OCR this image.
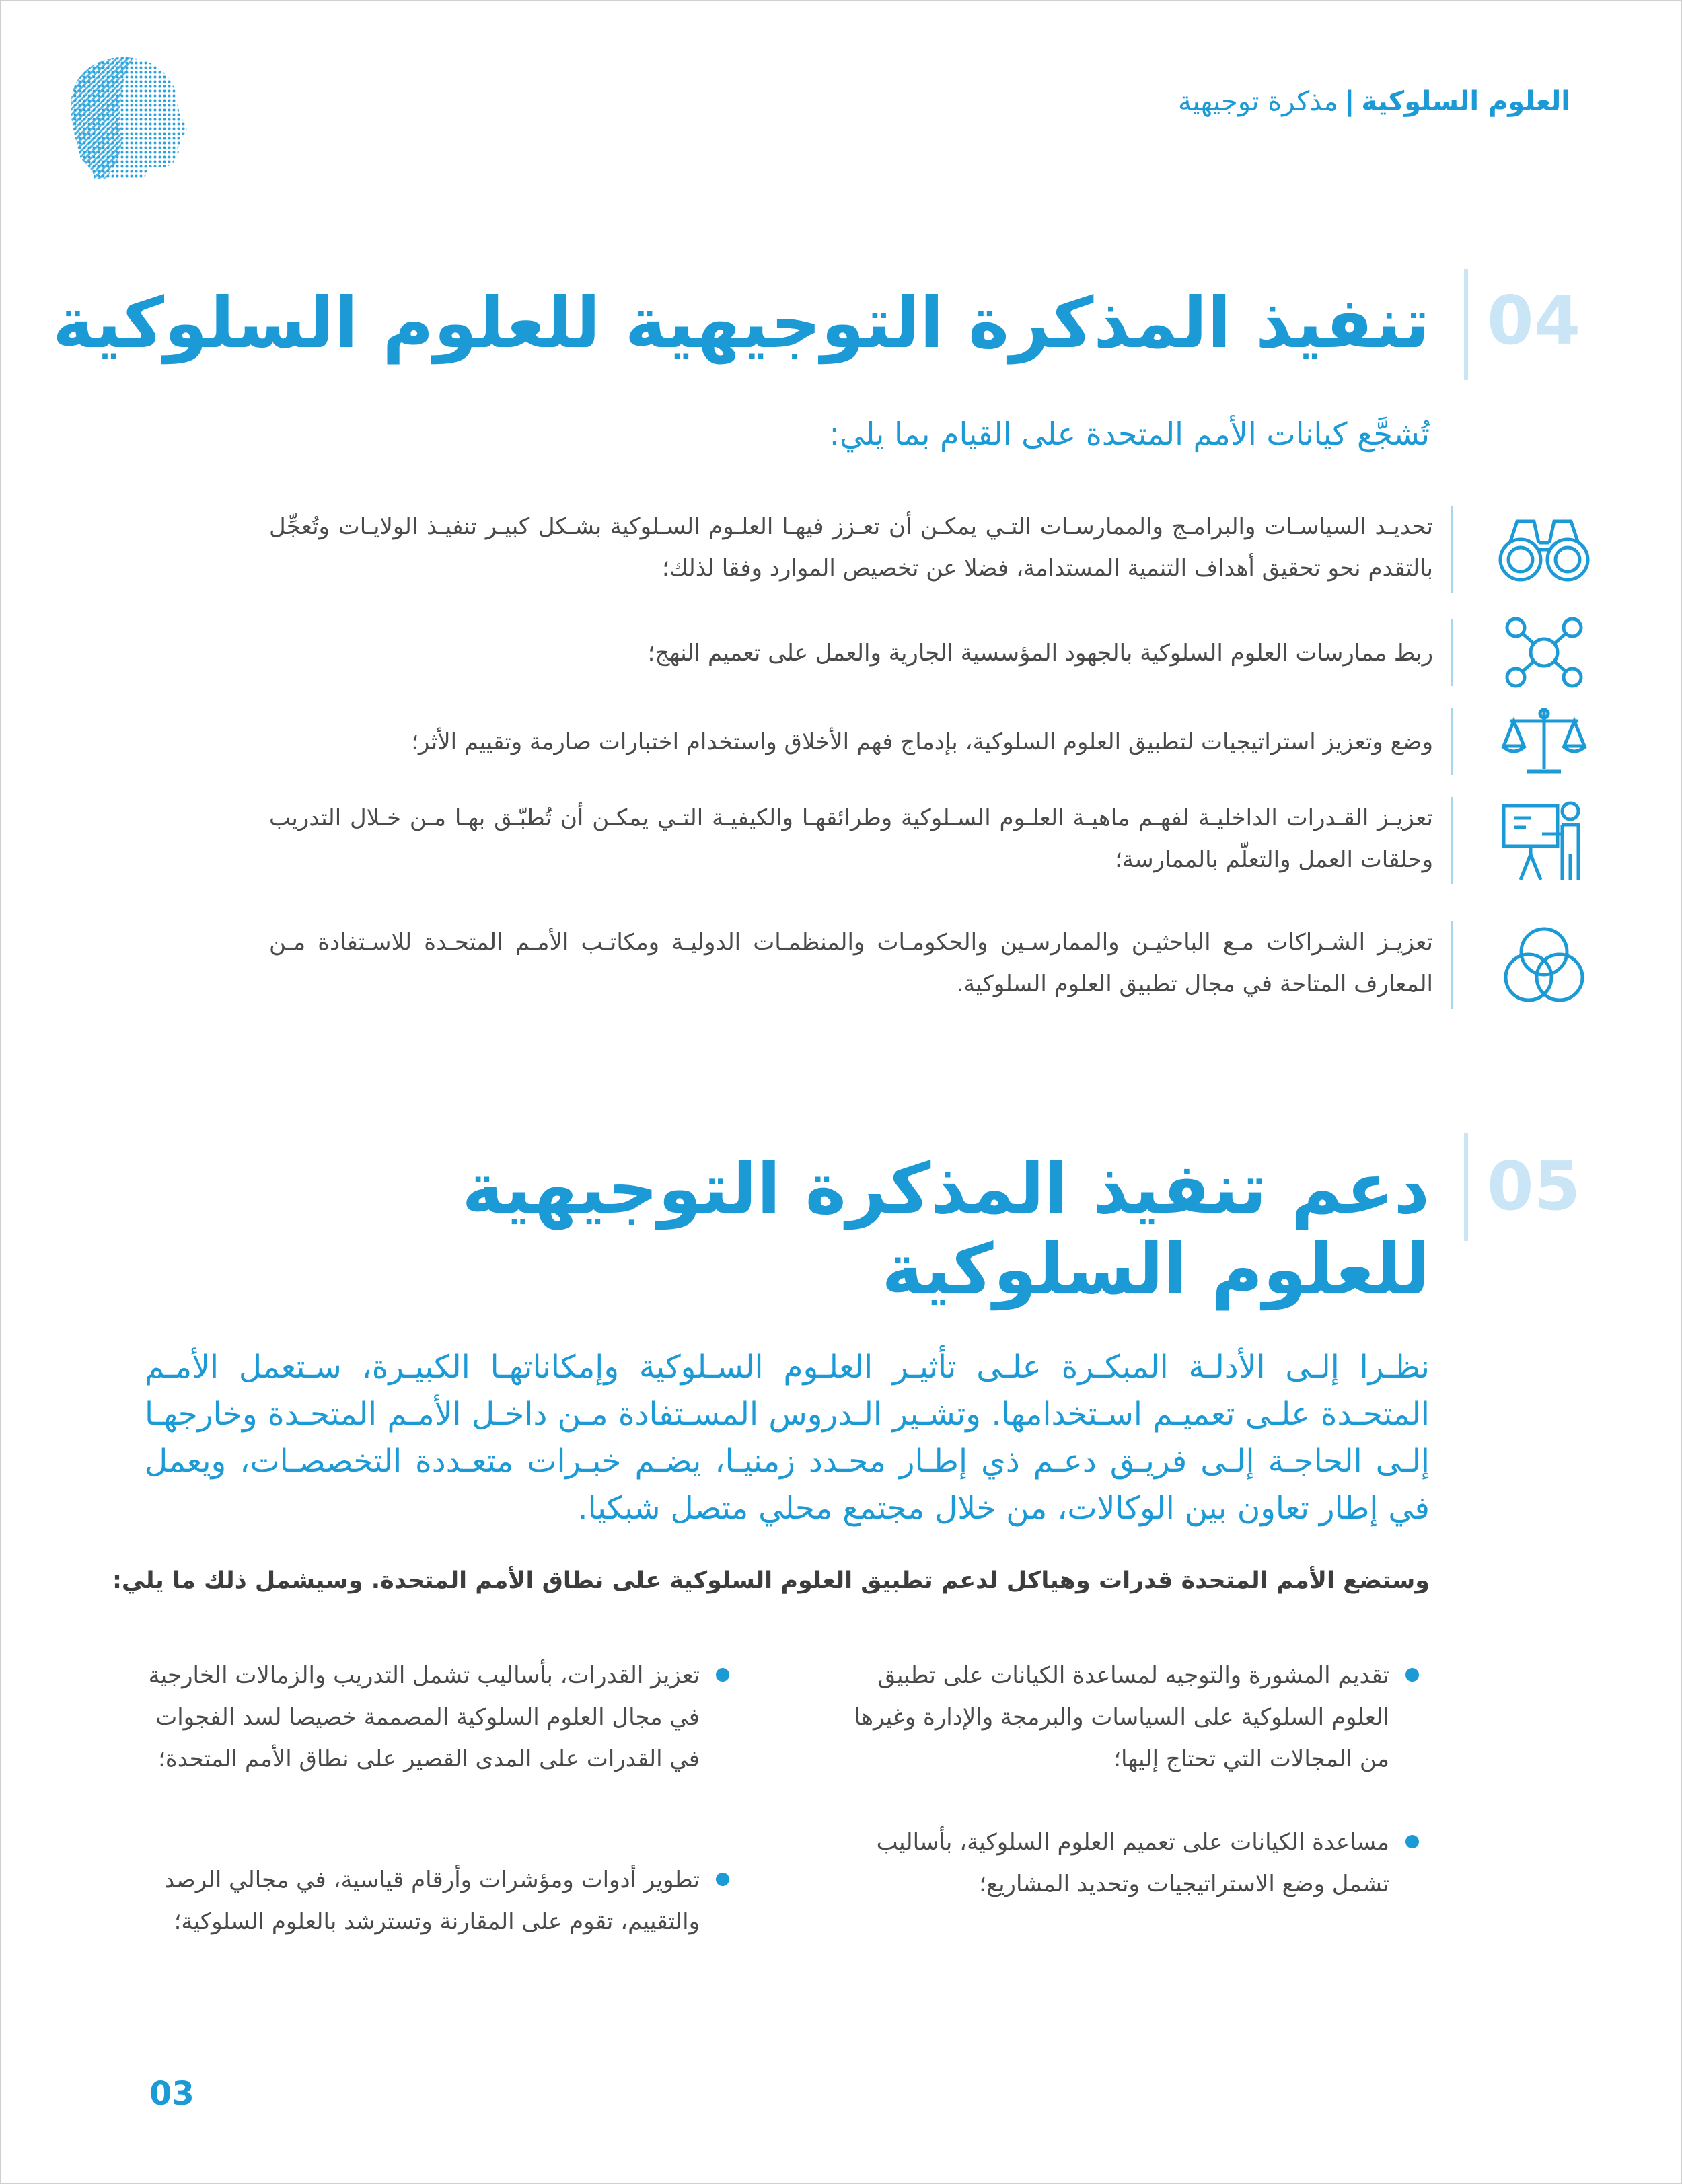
العلوم السلوكية|مذكرة توجيهية
04
تنفيذ المذكرة التوجيهية للعلوم السلوكية
تُشجَّع كيانات الأمم المتحدة على القيام بما يلي:
تحديـد السياسـات والبرامـج والممارسـات التـي يمكـن أن تعـزز فيهـا العلـوم السـلوكية بشـكل كبيـر تنفيـذ الولايـات وتُعجِّل بالتقدم نحو تحقيق أهداف التنمية المستدامة، فضلا عن تخصيص الموارد وفقا لذلك؛
ربط ممارسات العلوم السلوكية بالجهود المؤسسية الجارية والعمل على تعميم النهج؛
وضع وتعزيز استراتيجيات لتطبيق العلوم السلوكية، بإدماج فهم الأخلاق واستخدام اختبارات صارمة وتقييم الأثر؛
تعزيـز القـدرات الداخليـة لفهـم ماهيـة العلـوم السـلوكية وطرائقهـا والكيفيـة التـي يمكـن أن تُطبّـق بهـا مـن خـلال التدريب وحلقات العمل والتعلّم بالممارسة؛
تعزيـز الشـراكات مـع الباحثيـن والممارسـين والحكومـات والمنظمـات الدوليـة ومكاتـب الأمـم المتحـدة للاسـتفادة مـن المعارف المتاحة في مجال تطبيق العلوم السلوكية.
05
دعم تنفيذ المذكرة التوجيهية
للعلوم السلوكية
نظـرا إلـى الأدلـة المبكـرة علـى تأثيـر العلـوم السـلوكية وإمكاناتهـا الكبيـرة، سـتعمل الأمـم المتحـدة علـى تعميـم اسـتخدامها. وتشـير الـدروس المسـتفادة مـن داخـل الأمـم المتحـدة وخارجهـا إلـى الحاجـة إلـى فريـق دعـم ذي إطـار محـدد زمنيـا، يضـم خبـرات متعـددة التخصصـات، ويعمل في إطار تعاون بين الوكالات، من خلال مجتمع محلي متصل شبكيا.
وستضع الأمم المتحدة قدرات وهياكل لدعم تطبيق العلوم السلوكية على نطاق الأمم المتحدة. وسيشمل ذلك ما يلي:
تقديم المشورة والتوجيه لمساعدة الكيانات على تطبيق العلوم السلوكية على السياسات والبرمجة والإدارة وغيرها من المجالات التي تحتاج إليها؛
مساعدة الكيانات على تعميم العلوم السلوكية، بأساليب تشمل وضع الاستراتيجيات وتحديد المشاريع؛
تعزيز القدرات، بأساليب تشمل التدريب والزمالات الخارجية في مجال العلوم السلوكية المصممة خصيصا لسد الفجوات في القدرات على المدى القصير على نطاق الأمم المتحدة؛
تطوير أدوات ومؤشرات وأرقام قياسية، في مجالي الرصد والتقييم، تقوم على المقارنة وتسترشد بالعلوم السلوكية؛
03
